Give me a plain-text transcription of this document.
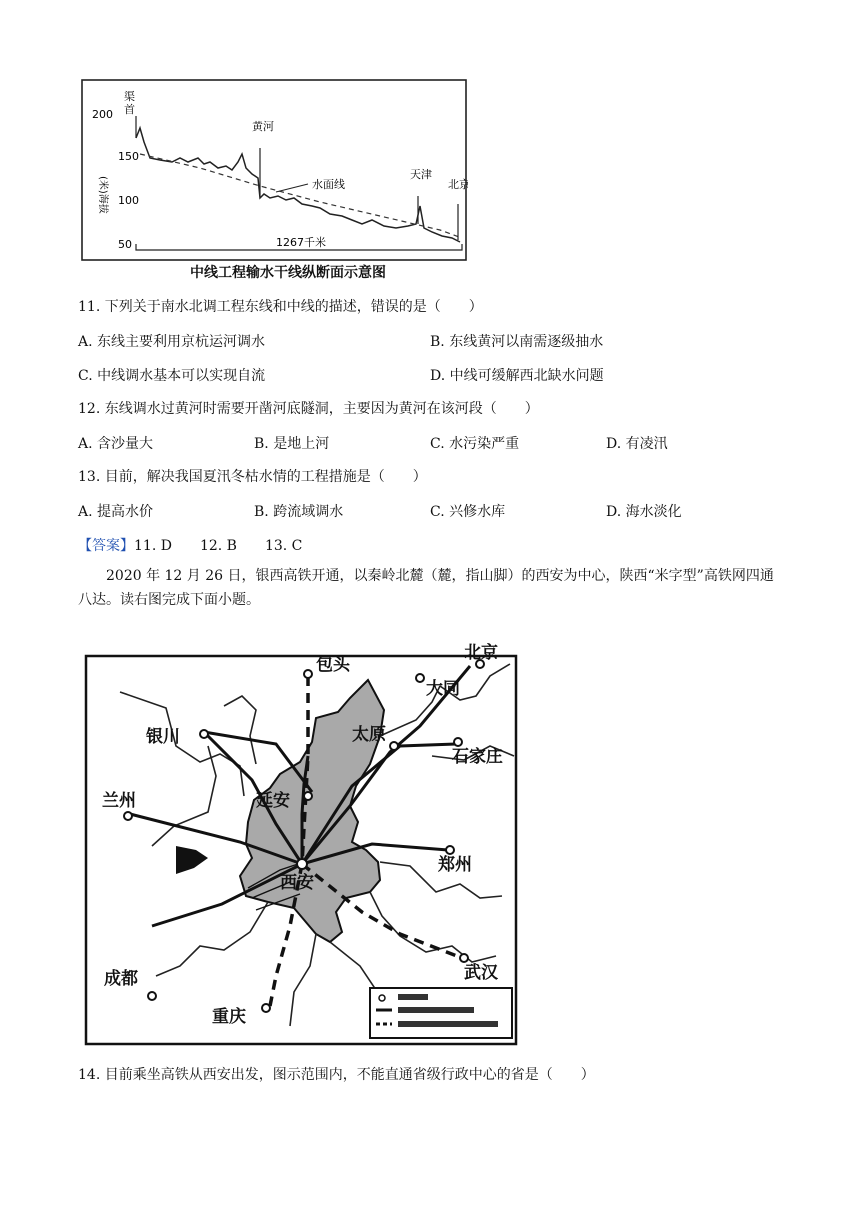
200
150
100
50
(米)海拔
渠 首
黄河
天津
北京
水面线
1267千米
中线工程输水干线纵断面示意图
11. 下列关于南水北调工程东线和中线的描述，错误的是（　　）
A. 东线主要利用京杭运河调水	B. 东线黄河以南需逐级抽水
C. 中线调水基本可以实现自流	D. 中线可缓解西北缺水问题
12. 东线调水过黄河时需要开凿河底隧洞，主要因为黄河在该河段（　　）
A. 含沙量大	B. 是地上河	C. 水污染严重	D. 有凌汛
13. 目前，解决我国夏汛冬枯水情的工程措施是（　　）
A. 提高水价	B. 跨流域调水	C. 兴修水库	D. 海水淡化
【答案】11. D　　12. B　　13. C
2020 年 12 月 26 日，银西高铁开通，以秦岭北麓（麓，指山脚）的西安为中心，陕西“米字型”高铁网四通八达。读右图完成下面小题。
包头
北京
大同
银川	太原
石家庄
兰州	延安
郑州
西安
武汉
成都
重庆
14. 目前乘坐高铁从西安出发，图示范围内，不能直通省级行政中心的省是（　　）
